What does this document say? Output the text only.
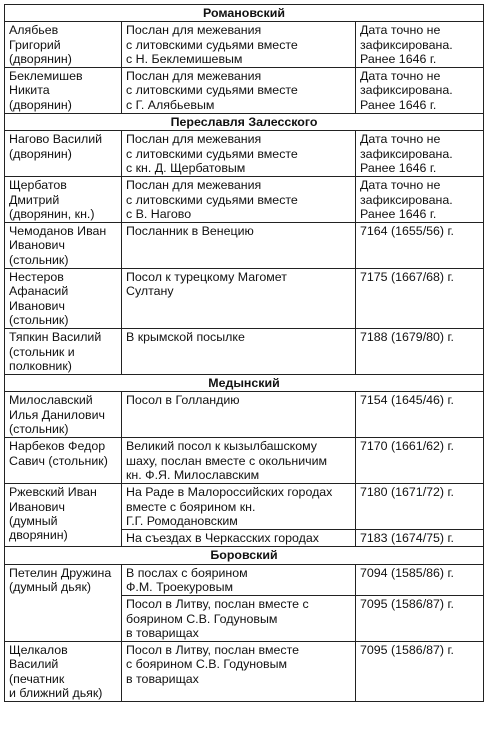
Романовский		
Алябьев
Григорий
(дворянин)	Послан для межевания
с литовскими судьями вместе
с Н. Беклемишевым	Дата точно не
зафиксирована.
Ранее 1646 г.
Беклемишев
Никита
(дворянин)	Послан для межевания
с литовскими судьями вместе
с Г. Алябьевым	Дата точно не
зафиксирована.
Ранее 1646 г.
Переславля Залесского		
Нагово Василий
(дворянин)	Послан для межевания
с литовскими судьями вместе
с кн. Д. Щербатовым	Дата точно не
зафиксирована.
Ранее 1646 г.
Щербатов
Дмитрий
(дворянин, кн.)	Послан для межевания
с литовскими судьями вместе
с В. Нагово	Дата точно не
зафиксирована.
Ранее 1646 г.
Чемоданов Иван
Иванович
(стольник)	Посланник в Венецию	7164 (1655/56) г.
Нестеров
Афанасий
Иванович
(стольник)	Посол к турецкому Магомет
Султану	7175 (1667/68) г.
Тяпкин Василий
(стольник и
полковник)	В крымской посылке	7188 (1679/80) г.
Медынский		
Милославский
Илья Данилович
(стольник)	Посол в Голландию	7154 (1645/46) г.
Нарбеков Федор
Савич (стольник)	Великий посол к кызылбашскому
шаху, послан вместе с окольничим
кн. Ф.Я. Милославским	7170 (1661/62) г.
Ржевский Иван
Иванович
(думный
дворянин)	На Раде в Малороссийских городах
вместе с боярином кн.
Г.Г. Ромодановским	7180 (1671/72) г.
	На съездах в Черкасских городах	7183 (1674/75) г.
Боровский		
Петелин Дружина
(думный дьяк)	В послах с боярином
Ф.М. Троекуровым	7094 (1585/86) г.
	Посол в Литву, послан вместе с
боярином С.В. Годуновым
в товарищах	7095 (1586/87) г.
Щелкалов
Василий
(печатник
и ближний дьяк)	Посол в Литву, послан вместе
с боярином С.В. Годуновым
в товарищах	7095 (1586/87) г.
